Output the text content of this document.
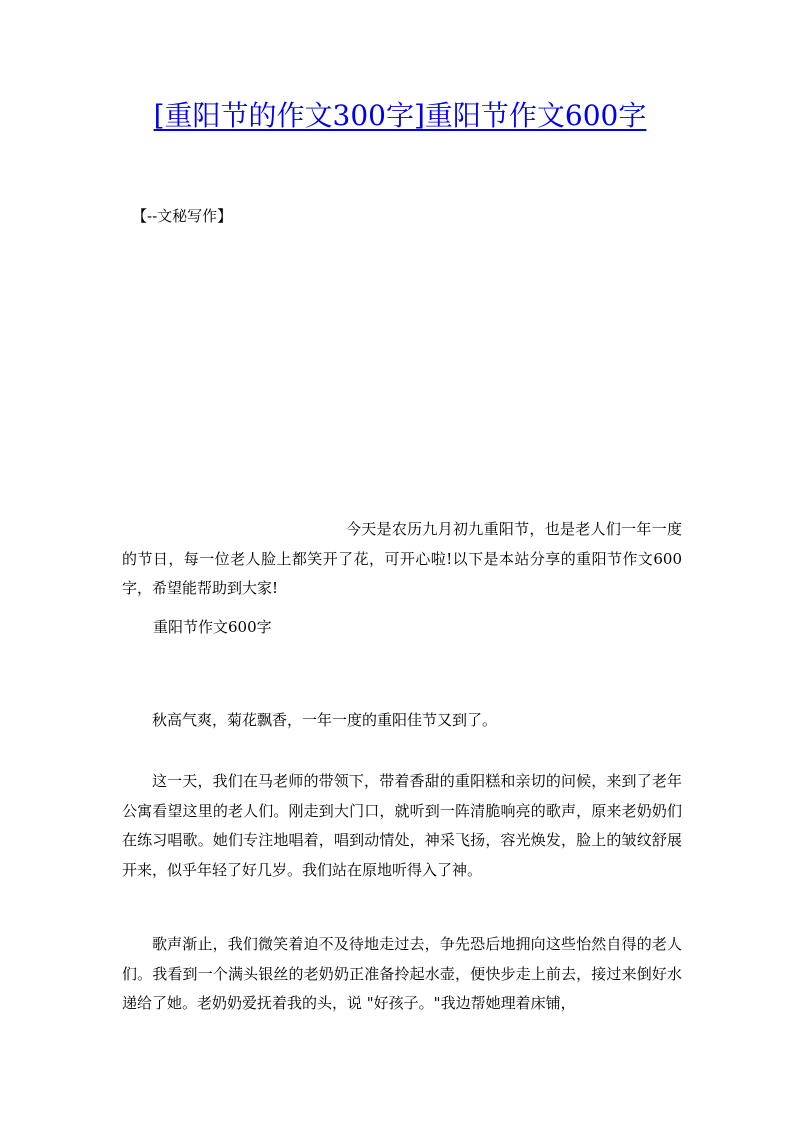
[重阳节的作文300字]重阳节作文600字
【--文秘写作】

今天是农历九月初九重阳节，也是老人们一年一度的节日，每一位老人脸上都笑开了花，可开心啦!以下是本站分享的重阳节作文600字，希望能帮助到大家!

重阳节作文600字

秋高气爽，菊花飘香，一年一度的重阳佳节又到了。

这一天，我们在马老师的带领下，带着香甜的重阳糕和亲切的问候，来到了老年公寓看望这里的老人们。刚走到大门口，就听到一阵清脆响亮的歌声，原来老奶奶们在练习唱歌。她们专注地唱着，唱到动情处，神采飞扬，容光焕发，脸上的皱纹舒展开来，似乎年轻了好几岁。我们站在原地听得入了神。

歌声渐止，我们微笑着迫不及待地走过去，争先恐后地拥向这些怡然自得的老人们。我看到一个满头银丝的老奶奶正准备拎起水壶，便快步走上前去，接过来倒好水递给了她。老奶奶爱抚着我的头，说 "好孩子。"我边帮她理着床铺，
